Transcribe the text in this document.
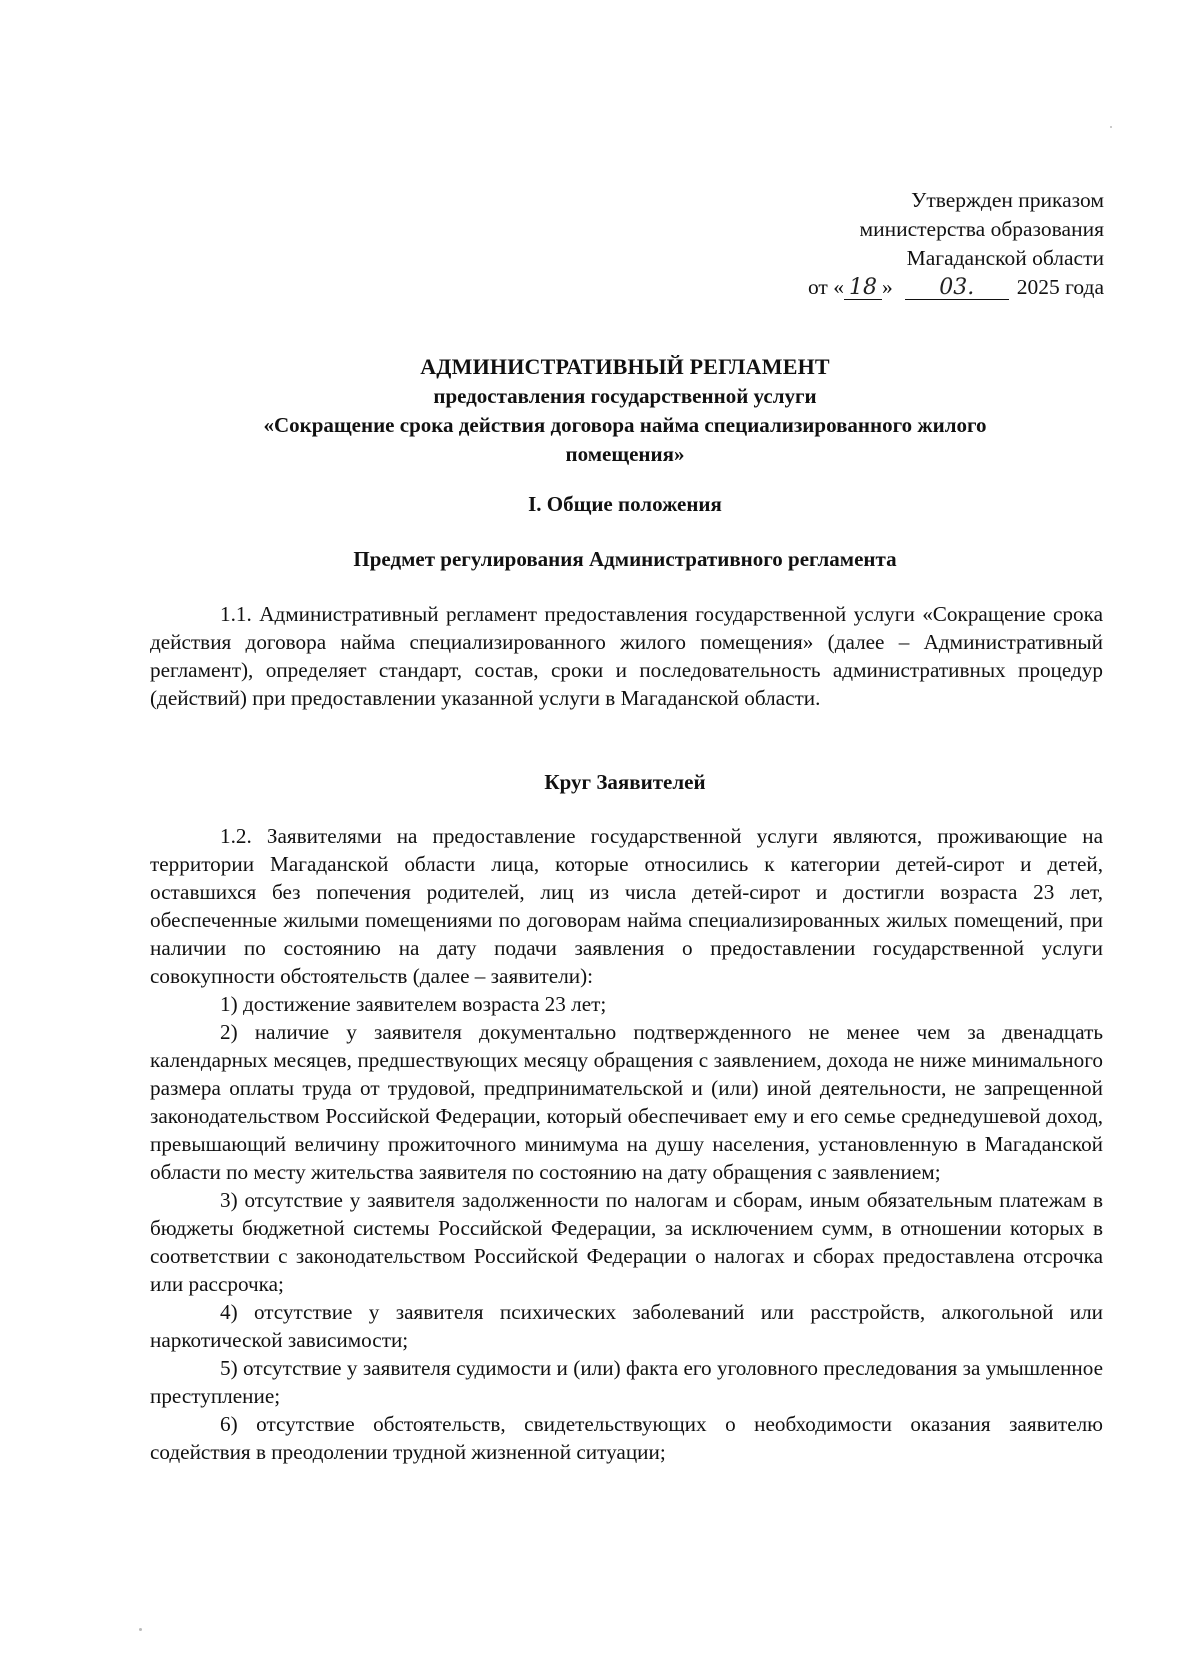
Утвержден приказом
министерства образования
Магаданской области
от « 18 » 03. 2025 года
АДМИНИСТРАТИВНЫЙ РЕГЛАМЕНТ
предоставления государственной услуги
«Сокращение срока действия договора найма специализированного жилого
помещения»
I. Общие положения
Предмет регулирования Административного регламента

1.1. Административный регламент предоставления государственной услуги «Сокращение срока действия договора найма специализированного жилого помещения» (далее – Административный регламент), определяет стандарт, состав, сроки и последовательность административных процедур (действий) при предоставлении указанной услуги в Магаданской области.

Круг Заявителей

1.2. Заявителями на предоставление государственной услуги являются, проживающие на территории Магаданской области лица, которые относились к категории детей-сирот и детей, оставшихся без попечения родителей, лиц из числа детей-сирот и достигли возраста 23 лет, обеспеченные жилыми помещениями по договорам найма специализированных жилых помещений, при наличии по состоянию на дату подачи заявления о предоставлении государственной услуги совокупности обстоятельств (далее – заявители):

1) достижение заявителем возраста 23 лет;

2) наличие у заявителя документально подтвержденного не менее чем за двенадцать календарных месяцев, предшествующих месяцу обращения с заявлением, дохода не ниже минимального размера оплаты труда от трудовой, предпринимательской и (или) иной деятельности, не запрещенной законодательством Российской Федерации, который обеспечивает ему и его семье среднедушевой доход, превышающий величину прожиточного минимума на душу населения, установленную в Магаданской области по месту жительства заявителя по состоянию на дату обращения с заявлением;

3) отсутствие у заявителя задолженности по налогам и сборам, иным обязательным платежам в бюджеты бюджетной системы Российской Федерации, за исключением сумм, в отношении которых в соответствии с законодательством Российской Федерации о налогах и сборах предоставлена отсрочка или рассрочка;

4) отсутствие у заявителя психических заболеваний или расстройств, алкогольной или наркотической зависимости;

5) отсутствие у заявителя судимости и (или) факта его уголовного преследования за умышленное преступление;

6) отсутствие обстоятельств, свидетельствующих о необходимости оказания заявителю содействия в преодолении трудной жизненной ситуации;
